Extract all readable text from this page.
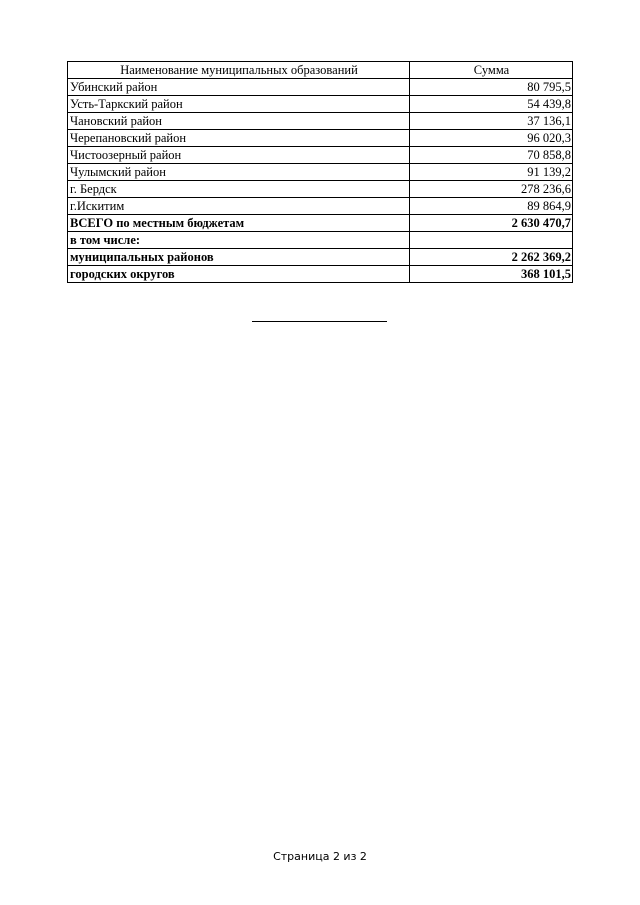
Наименование муниципальных образований	Сумма
Убинский район	80 795,5
Усть-Таркский район	54 439,8
Чановский район	37 136,1
Черепановский район	96 020,3
Чистоозерный район	70 858,8
Чулымский район	91 139,2
г. Бердск	278 236,6
г.Искитим	89 864,9
ВСЕГО по местным бюджетам	2 630 470,7
в том числе:	
муниципальных районов	2 262 369,2
городских округов	368 101,5
Страница 2 из 2
